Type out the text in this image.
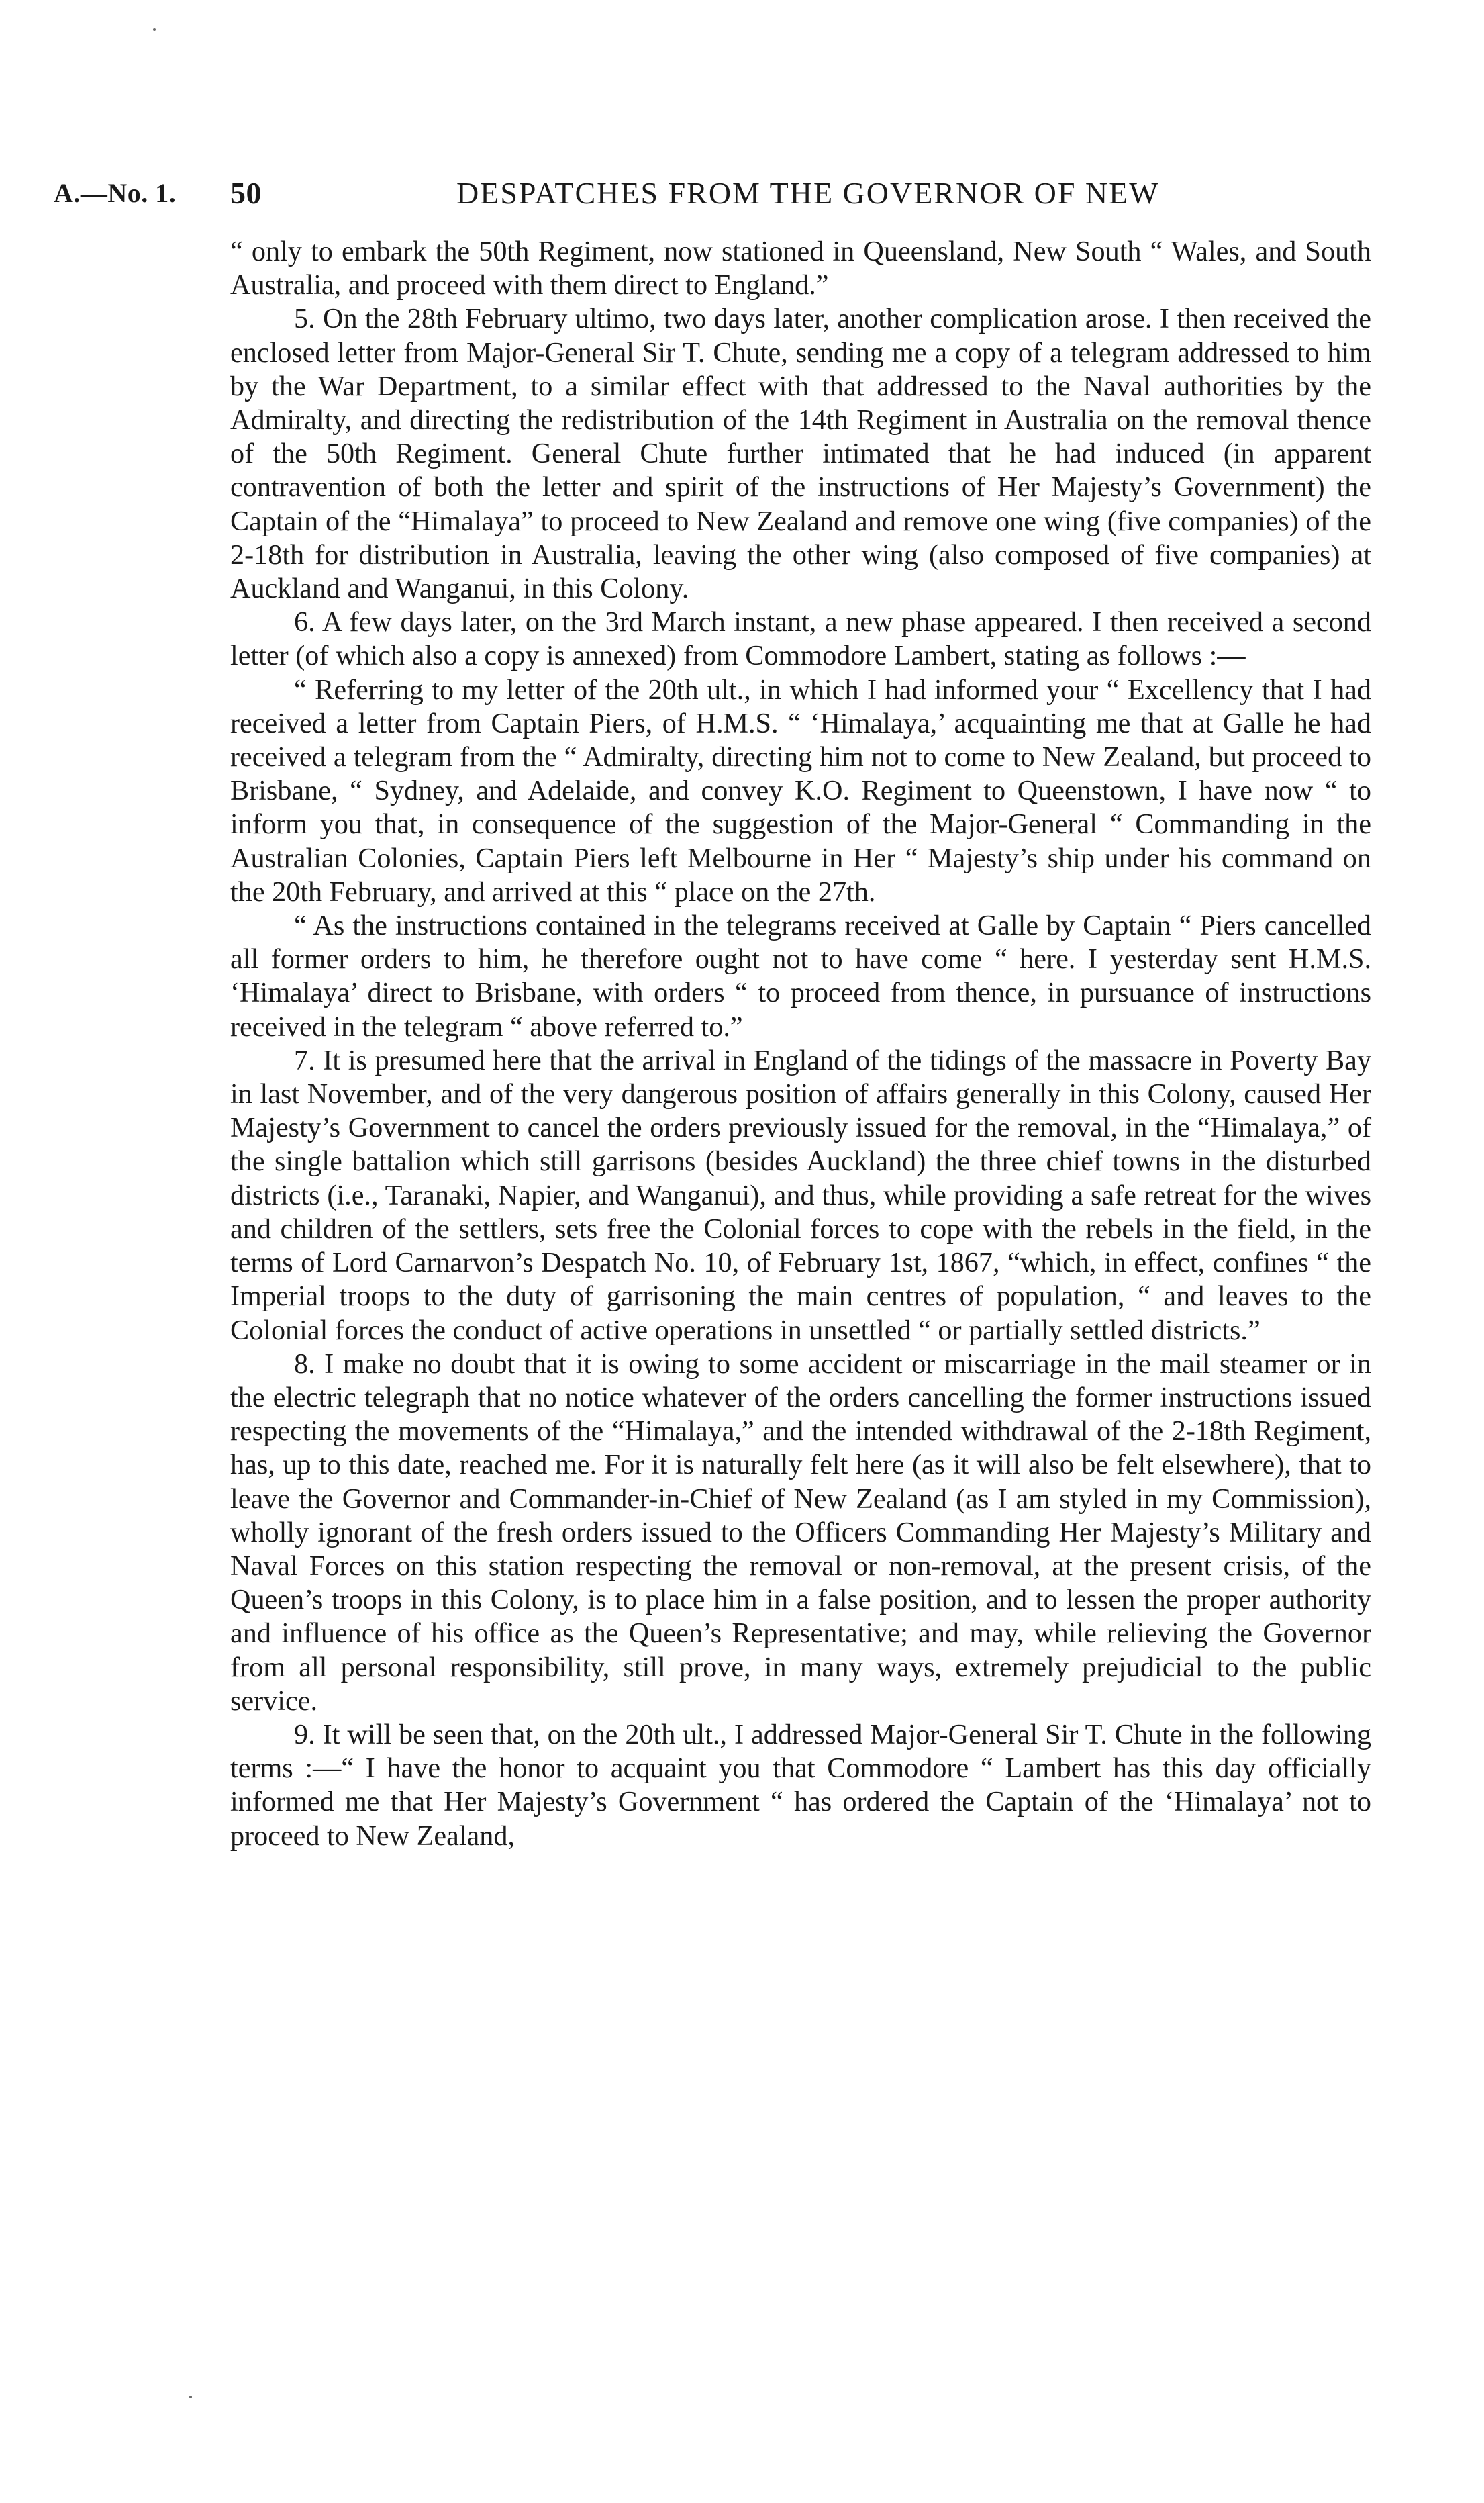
A.—No. 1. 50	DESPATCHES FROM THE GOVERNOR OF NEW

“ only to embark the 50th Regiment, now stationed in Queensland, New South “ Wales, and South Australia, and proceed with them direct to England.”

5. On the 28th February ultimo, two days later, another complication arose. I then received the enclosed letter from Major-General Sir T. Chute, sending me a copy of a telegram addressed to him by the War Department, to a similar effect with that addressed to the Naval authorities by the Admiralty, and directing the redistribution of the 14th Regiment in Australia on the removal thence of the 50th Regiment. General Chute further intimated that he had induced (in apparent contravention of both the letter and spirit of the instructions of Her Majesty’s Government) the Captain of the “Himalaya” to proceed to New Zealand and remove one wing (five companies) of the 2-18th for distribution in Australia, leaving the other wing (also composed of five companies) at Auckland and Wanganui, in this Colony.

6. A few days later, on the 3rd March instant, a new phase appeared. I then received a second letter (of which also a copy is annexed) from Commodore Lambert, stating as follows :—

“ Referring to my letter of the 20th ult., in which I had informed your “ Excellency that I had received a letter from Captain Piers, of H.M.S. “ ‘Himalaya,’ acquainting me that at Galle he had received a telegram from the “ Admiralty, directing him not to come to New Zealand, but proceed to Brisbane, “ Sydney, and Adelaide, and convey K.O. Regiment to Queenstown, I have now “ to inform you that, in consequence of the suggestion of the Major-General “ Commanding in the Australian Colonies, Captain Piers left Melbourne in Her “ Majesty’s ship under his command on the 20th February, and arrived at this “ place on the 27th.

“ As the instructions contained in the telegrams received at Galle by Captain “ Piers cancelled all former orders to him, he therefore ought not to have come “ here. I yesterday sent H.M.S. ‘Himalaya’ direct to Brisbane, with orders “ to proceed from thence, in pursuance of instructions received in the telegram “ above referred to.”

7. It is presumed here that the arrival in England of the tidings of the massacre in Poverty Bay in last November, and of the very dangerous position of affairs generally in this Colony, caused Her Majesty’s Government to cancel the orders previously issued for the removal, in the “Himalaya,” of the single battalion which still garrisons (besides Auckland) the three chief towns in the disturbed districts (i.e., Taranaki, Napier, and Wanganui), and thus, while providing a safe retreat for the wives and children of the settlers, sets free the Colonial forces to cope with the rebels in the field, in the terms of Lord Carnarvon’s Despatch No. 10, of February 1st, 1867, “which, in effect, confines “ the Imperial troops to the duty of garrisoning the main centres of population, “ and leaves to the Colonial forces the conduct of active operations in unsettled “ or partially settled districts.”

8. I make no doubt that it is owing to some accident or miscarriage in the mail steamer or in the electric telegraph that no notice whatever of the orders cancelling the former instructions issued respecting the movements of the “Himalaya,” and the intended withdrawal of the 2-18th Regiment, has, up to this date, reached me. For it is naturally felt here (as it will also be felt elsewhere), that to leave the Governor and Commander-in-Chief of New Zealand (as I am styled in my Commission), wholly ignorant of the fresh orders issued to the Officers Commanding Her Majesty’s Military and Naval Forces on this station respecting the removal or non-removal, at the present crisis, of the Queen’s troops in this Colony, is to place him in a false position, and to lessen the proper authority and influence of his office as the Queen’s Representative; and may, while relieving the Governor from all personal responsibility, still prove, in many ways, extremely prejudicial to the public service.

9. It will be seen that, on the 20th ult., I addressed Major-General Sir T. Chute in the following terms :—“ I have the honor to acquaint you that Commodore “ Lambert has this day officially informed me that Her Majesty’s Government “ has ordered the Captain of the ‘Himalaya’ not to proceed to New Zealand,
